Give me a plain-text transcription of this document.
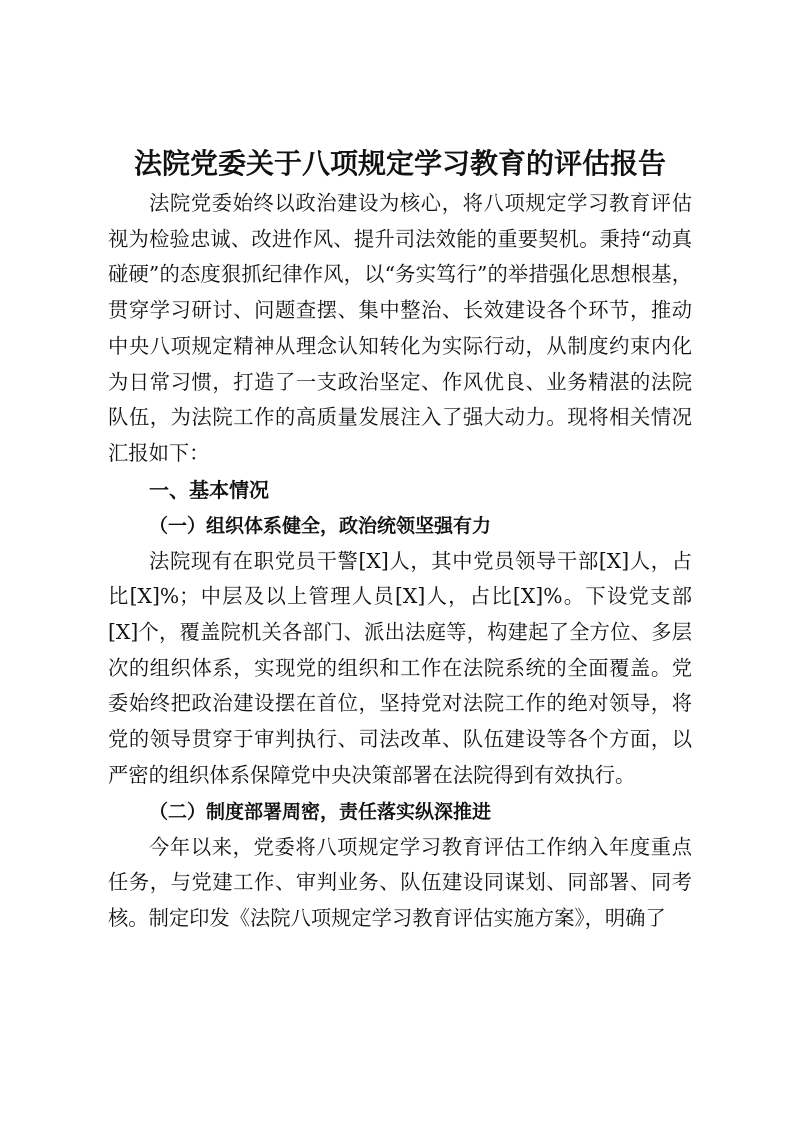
法院党委关于八项规定学习教育的评估报告

法院党委始终以政治建设为核心，将八项规定学习教育评估视为检验忠诚、改进作风、提升司法效能的重要契机。秉持“动真碰硬”的态度狠抓纪律作风，以“务实笃行”的举措强化思想根基，贯穿学习研讨、问题查摆、集中整治、长效建设各个环节，推动中央八项规定精神从理念认知转化为实际行动，从制度约束内化为日常习惯，打造了一支政治坚定、作风优良、业务精湛的法院队伍，为法院工作的高质量发展注入了强大动力。现将相关情况汇报如下：

一、基本情况

（一）组织体系健全，政治统领坚强有力

法院现有在职党员干警[X]人，其中党员领导干部[X]人，占比[X]%；中层及以上管理人员[X]人，占比[X]%。下设党支部[X]个，覆盖院机关各部门、派出法庭等，构建起了全方位、多层次的组织体系，实现党的组织和工作在法院系统的全面覆盖。党委始终把政治建设摆在首位，坚持党对法院工作的绝对领导，将党的领导贯穿于审判执行、司法改革、队伍建设等各个方面，以严密的组织体系保障党中央决策部署在法院得到有效执行。

（二）制度部署周密，责任落实纵深推进

今年以来，党委将八项规定学习教育评估工作纳入年度重点任务，与党建工作、审判业务、队伍建设同谋划、同部署、同考核。制定印发《法院八项规定学习教育评估实施方案》，明确了
